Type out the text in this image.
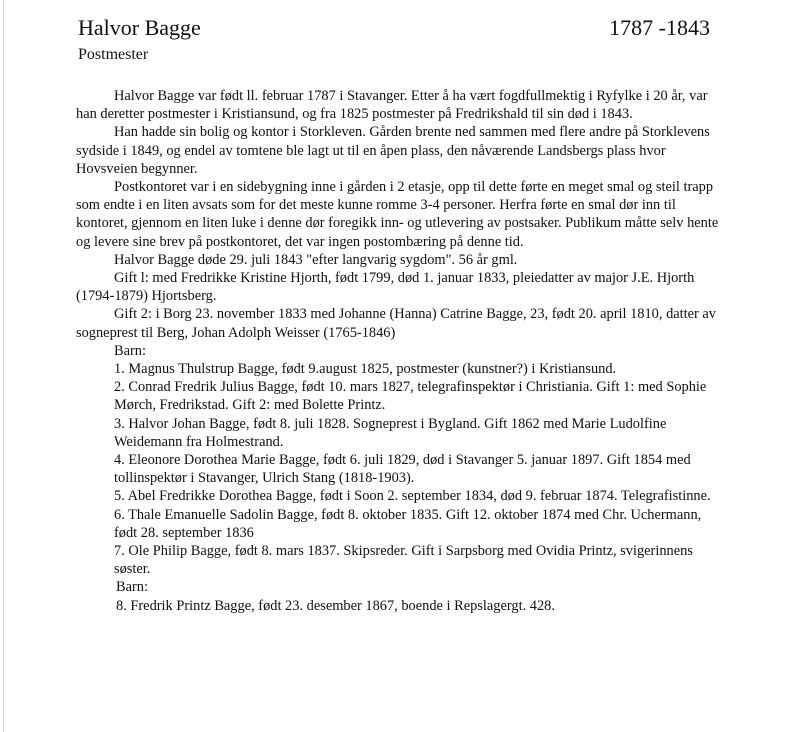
Halvor Bagge	1787 -1843
Postmester

Halvor Bagge var født ll. februar 1787 i Stavanger. Etter å ha vært fogdfullmektig i Ryfylke i 20 år, var han deretter postmester i Kristiansund, og fra 1825 postmester på Fredrikshald til sin død i 1843.

Han hadde sin bolig og kontor i Storkleven. Gården brente ned sammen med flere andre på Storklevens sydside i 1849, og endel av tomtene ble lagt ut til en åpen plass, den nåværende Landsbergs plass hvor Hovsveien begynner.

Postkontoret var i en sidebygning inne i gården i 2 etasje, opp til dette førte en meget smal og steil trapp som endte i en liten avsats som for det meste kunne romme 3-4 personer. Herfra førte en smal dør inn til kontoret, gjennom en liten luke i denne dør foregikk inn- og utlevering av postsaker. Publikum måtte selv hente og levere sine brev på postkontoret, det var ingen postombæring på denne tid.

Halvor Bagge døde 29. juli 1843 "efter langvarig sygdom". 56 år gml.

Gift l: med Fredrikke Kristine Hjorth, født 1799, død 1. januar 1833, pleiedatter av major J.E. Hjorth (1794-1879) Hjortsberg.

Gift 2: i Borg 23. november 1833 med Johanne (Hanna) Catrine Bagge, 23, født 20. april 1810, datter av sogneprest til Berg, Johan Adolph Weisser (1765-1846)

Barn:

1. Magnus Thulstrup Bagge, født 9.august 1825, postmester (kunstner?) i Kristiansund.

2. Conrad Fredrik Julius Bagge, født 10. mars 1827, telegrafinspektør i Christiania. Gift 1: med Sophie Mørch, Fredrikstad. Gift 2: med Bolette Printz.

3. Halvor Johan Bagge, født 8. juli 1828. Sogneprest i Bygland. Gift 1862 med Marie Ludolfine Weidemann fra Holmestrand.

4. Eleonore Dorothea Marie Bagge, født 6. juli 1829, død i Stavanger 5. januar 1897. Gift 1854 med tollinspektør i Stavanger, Ulrich Stang (1818-1903).

5. Abel Fredrikke Dorothea Bagge, født i Soon 2. september 1834, død 9. februar 1874. Telegrafistinne.

6. Thale Emanuelle Sadolin Bagge, født 8. oktober 1835. Gift 12. oktober 1874 med Chr. Uchermann, født 28. september 1836

7. Ole Philip Bagge, født 8. mars 1837. Skipsreder. Gift i Sarpsborg med Ovidia Printz, svigerinnens søster.

Barn:

8. Fredrik Printz Bagge, født 23. desember 1867, boende i Repslagergt. 428.
